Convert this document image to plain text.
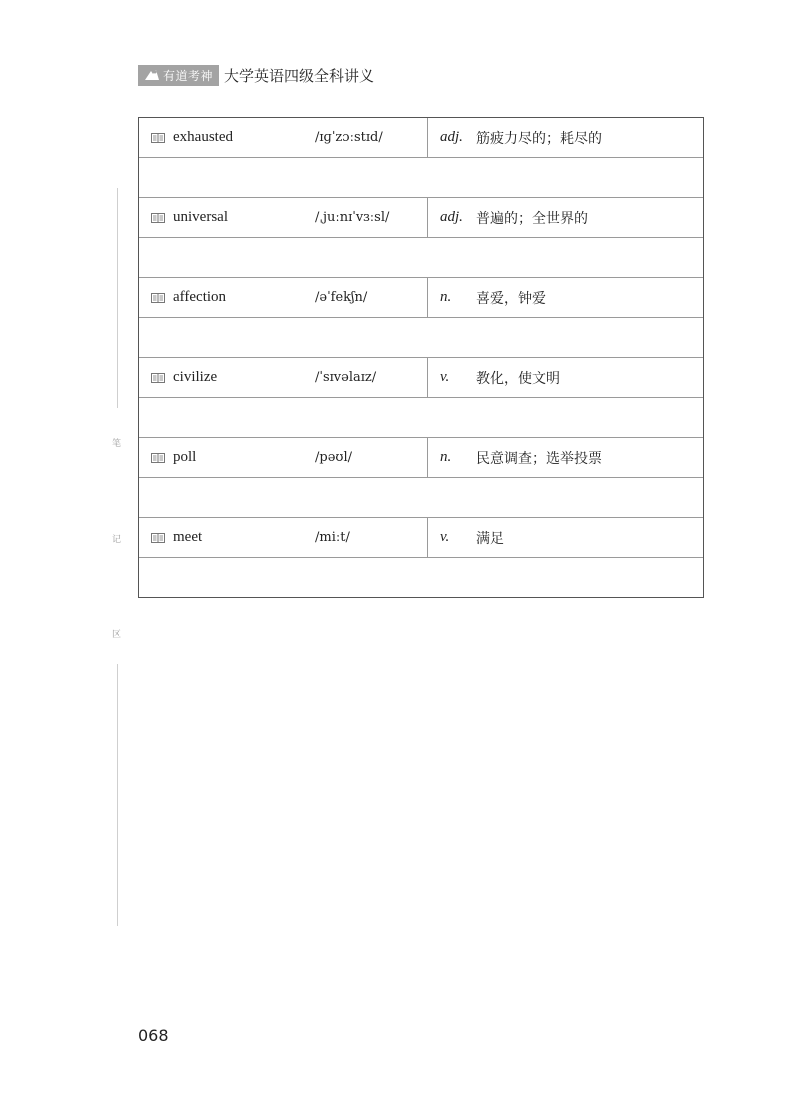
有道考神 大学英语四级全科讲义
笔
记
区
exhausted	/ɪɡˈzɔːstɪd/	adj. 筋疲力尽的；耗尽的
universal	/ˌjuːnɪˈvɜːsl/	adj. 普遍的；全世界的
affection	/əˈfekʃn/	n.	喜爱，钟爱
civilize	/ˈsɪvəlaɪz/	v.	教化，使文明
poll	/pəʊl/	n.	民意调查；选举投票
meet	/miːt/	v.	满足
068
